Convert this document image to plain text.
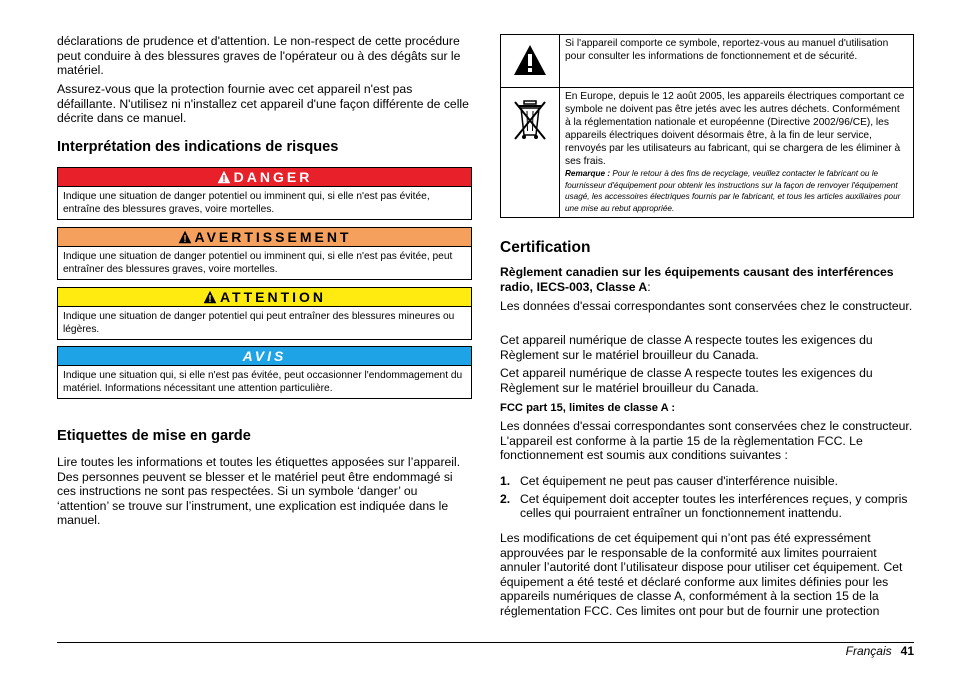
déclarations de prudence et d'attention. Le non-respect de cette procédure peut conduire à des blessures graves de l'opérateur ou à des dégâts sur le matériel.

Assurez-vous que la protection fournie avec cet appareil n'est pas défaillante. N'utilisez ni n'installez cet appareil d'une façon différente de celle décrite dans ce manuel.

Interprétation des indications de risques
DANGER
Indique une situation de danger potentiel ou imminent qui, si elle n'est pas évitée, entraîne des blessures graves, voire mortelles.
AVERTISSEMENT
Indique une situation de danger potentiel ou imminent qui, si elle n'est pas évitée, peut entraîner des blessures graves, voire mortelles.
ATTENTION
Indique une situation de danger potentiel qui peut entraîner des blessures mineures ou légères.
AVIS
Indique une situation qui, si elle n'est pas évitée, peut occasionner l'endommagement du matériel. Informations nécessitant une attention particulière.
Etiquettes de mise en garde

Lire toutes les informations et toutes les étiquettes apposées sur l’appareil. Des personnes peuvent se blesser et le matériel peut être endommagé si ces instructions ne sont pas respectées. Si un symbole ‘danger’ ou ‘attention’ se trouve sur l’instrument, une explication est indiquée dans le manuel.

	Si l'appareil comporte ce symbole, reportez-vous au manuel d'utilisation pour consulter les informations de fonctionnement et de sécurité.

En Europe, depuis le 12 août 2005, les appareils électriques comportant ce symbole ne doivent pas être jetés avec les autres déchets. Conformément à la réglementation nationale et européenne (Directive 2002/96/CE), les appareils électriques doivent désormais être, à la fin de leur service, renvoyés par les utilisateurs au fabricant, qui se chargera de les éliminer à ses frais.
Remarque : Pour le retour à des fins de recyclage, veuillez contacter le fabricant ou le fournisseur d'équipement pour obtenir les instructions sur la façon de renvoyer l'équipement usagé, les accessoires électriques fournis par le fabricant, et tous les articles auxiliaires pour une mise au rebut appropriée.
Certification

Règlement canadien sur les équipements causant des interférences radio, IECS-003, Classe A:

Les données d'essai correspondantes sont conservées chez le constructeur.

Cet appareil numérique de classe A respecte toutes les exigences du Règlement sur le matériel brouilleur du Canada.

Cet appareil numérique de classe A respecte toutes les exigences du Règlement sur le matériel brouilleur du Canada.

FCC part 15, limites de classe A :

Les données d'essai correspondantes sont conservées chez le constructeur. L'appareil est conforme à la partie 15 de la règlementation FCC. Le fonctionnement est soumis aux conditions suivantes :

1. Cet équipement ne peut pas causer d'interférence nuisible.
2. Cet équipement doit accepter toutes les interférences reçues, y compris celles qui pourraient entraîner un fonctionnement inattendu.

Les modifications de cet équipement qui n’ont pas été expressément approuvées par le responsable de la conformité aux limites pourraient annuler l’autorité dont l’utilisateur dispose pour utiliser cet équipement. Cet équipement a été testé et déclaré conforme aux limites définies pour les appareils numériques de classe A, conformément à la section 15 de la réglementation FCC. Ces limites ont pour but de fournir une protection

Français 41
